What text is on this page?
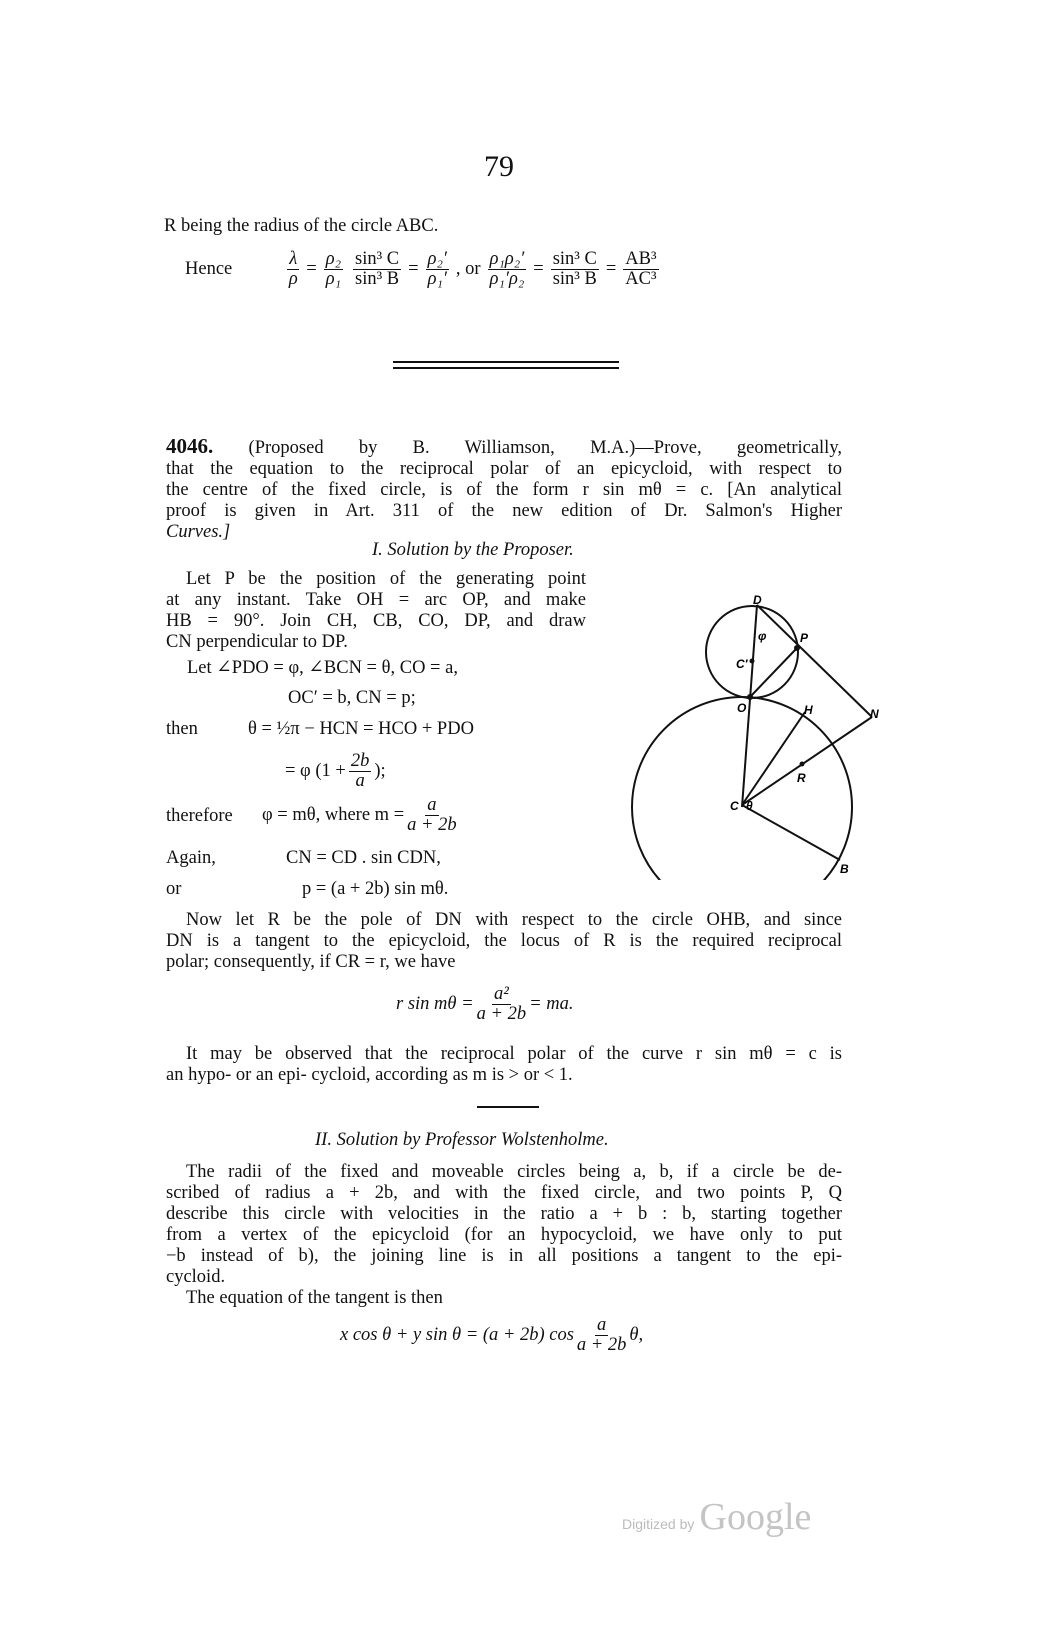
79
R being the radius of the circle ABC.
Hence	$\frac{\lambda}{\rho} = \frac{\text{ρ₂}}{\text{ρ₁}} \frac{\text{sin³ C}}{\text{sin³ B}} = \frac{\text{ρ₂′}}{\text{ρ₁′}}$ , or $\frac{\text{ρ₁ρ₂′}}{\text{ρ₁′ρ₂}} = \frac{\text{sin³ C}}{\text{sin³ B}} = \frac{\text{AB³}}{\text{AC³}}$
4046. (Proposed by B. Williamson, M.A.)—Prove, geometrically,
that the equation to the reciprocal polar of an epicycloid, with respect to
the centre of the fixed circle, is of the form r sin mθ = c. [An analytical
proof is given in Art. 311 of the new edition of Dr. Salmon's Higher
Curves.]
I. Solution by the Proposer.
Let P be the position of the generating point
at any instant. Take OH = arc OP, and make
HB = 90°. Join CH, CB, CO, DP, and draw
CN perpendicular to DP.
Let ∠PDO = φ, ∠BCN = θ, CO = a,
OC′ = b, CN = p;
then	θ = ½π − HCN = HCO + PDO
= φ ($1 + \frac{2b}{a}$ );
therefore φ = mθ, where $m = \frac{a}{a + 2b}$
Again,	CN = CD . sin CDN,
or	p = (a + 2b) sin mθ.
D
P
φ
C′
O	H	N
R
C θ
B
Now let R be the pole of DN with respect to the circle OHB, and since
DN is a tangent to the epicycloid, the locus of R is the required reciprocal
polar; consequently, if CR = r, we have
r $\sin m\theta = \frac{\text{a²}}{a + 2b}$ = ma.
It may be observed that the reciprocal polar of the curve r sin mθ = c is
an hypo- or an epi- cycloid, according as m is > or < 1.
II. Solution by Professor Wolstenholme.
The radii of the fixed and moveable circles being a, b, if a circle be de-
scribed of radius a + 2b, and with the fixed circle, and two points P, Q
describe this circle with velocities in the ratio a + b : b, starting together
from a vertex of the epicycloid (for an hypocycloid, we have only to put
−b instead of b), the joining line is in all positions a tangent to the epi-
cycloid.
The equation of the tangent is then
x cos θ + y sin θ = (a + 2b) $\cos \frac{a}{a + 2b} \theta$,
Digitized by Google
